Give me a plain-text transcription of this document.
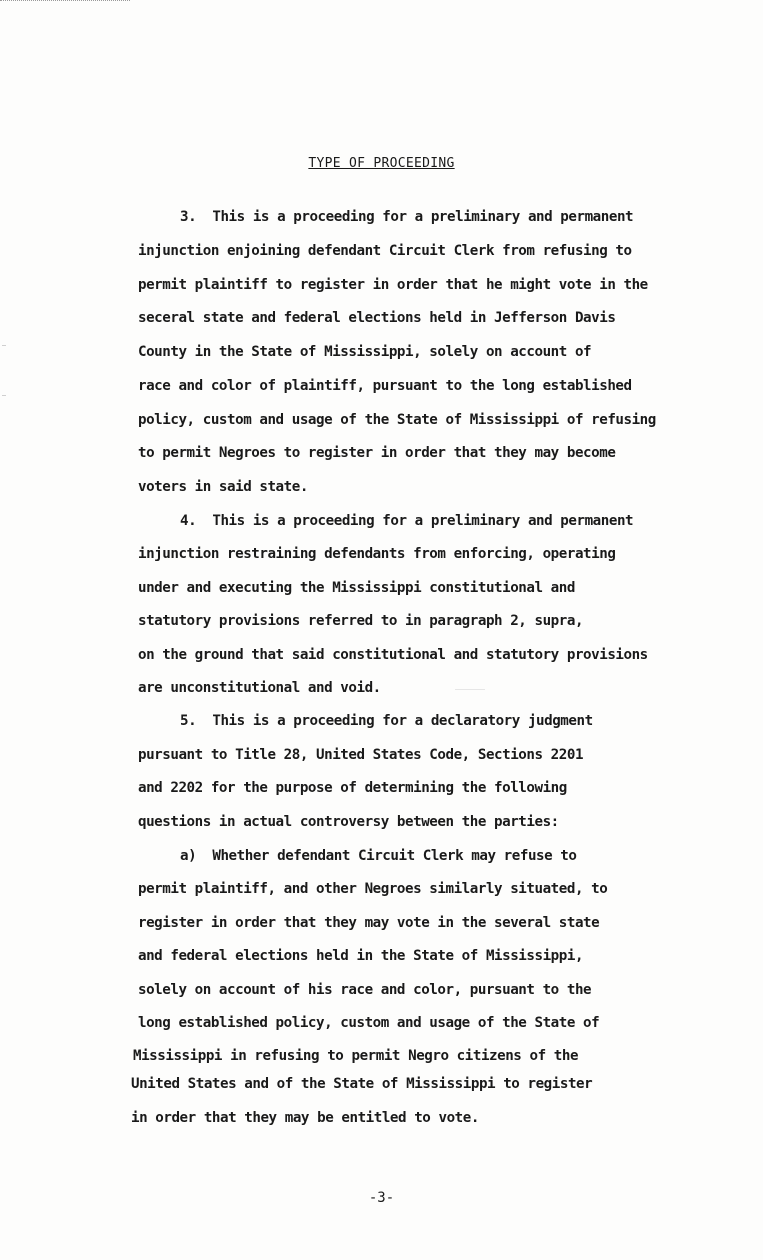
TYPE OF PROCEEDING
3.  This is a proceeding for a preliminary and permanent
injunction enjoining defendant Circuit Clerk from refusing to
permit plaintiff to register in order that he might vote in the
seceral state and federal elections held in Jefferson Davis
County in the State of Mississippi, solely on account of
race and color of plaintiff, pursuant to the long established
policy, custom and usage of the State of Mississippi of refusing
to permit Negroes to register in order that they may become
voters in said state.
4.  This is a proceeding for a preliminary and permanent
injunction restraining defendants from enforcing, operating
under and executing the Mississippi constitutional and
statutory provisions referred to in paragraph 2, supra,
on the ground that said constitutional and statutory provisions
are unconstitutional and void.
5.  This is a proceeding for a declaratory judgment
pursuant to Title 28, United States Code, Sections 2201
and 2202 for the purpose of determining the following
questions in actual controversy between the parties:
a)  Whether defendant Circuit Clerk may refuse to
permit plaintiff, and other Negroes similarly situated, to
register in order that they may vote in the several state
and federal elections held in the State of Mississippi,
solely on account of his race and color, pursuant to the
long established policy, custom and usage of the State of
Mississippi in refusing to permit Negro citizens of the
United States and of the State of Mississippi to register
in order that they may be entitled to vote.
-3-
